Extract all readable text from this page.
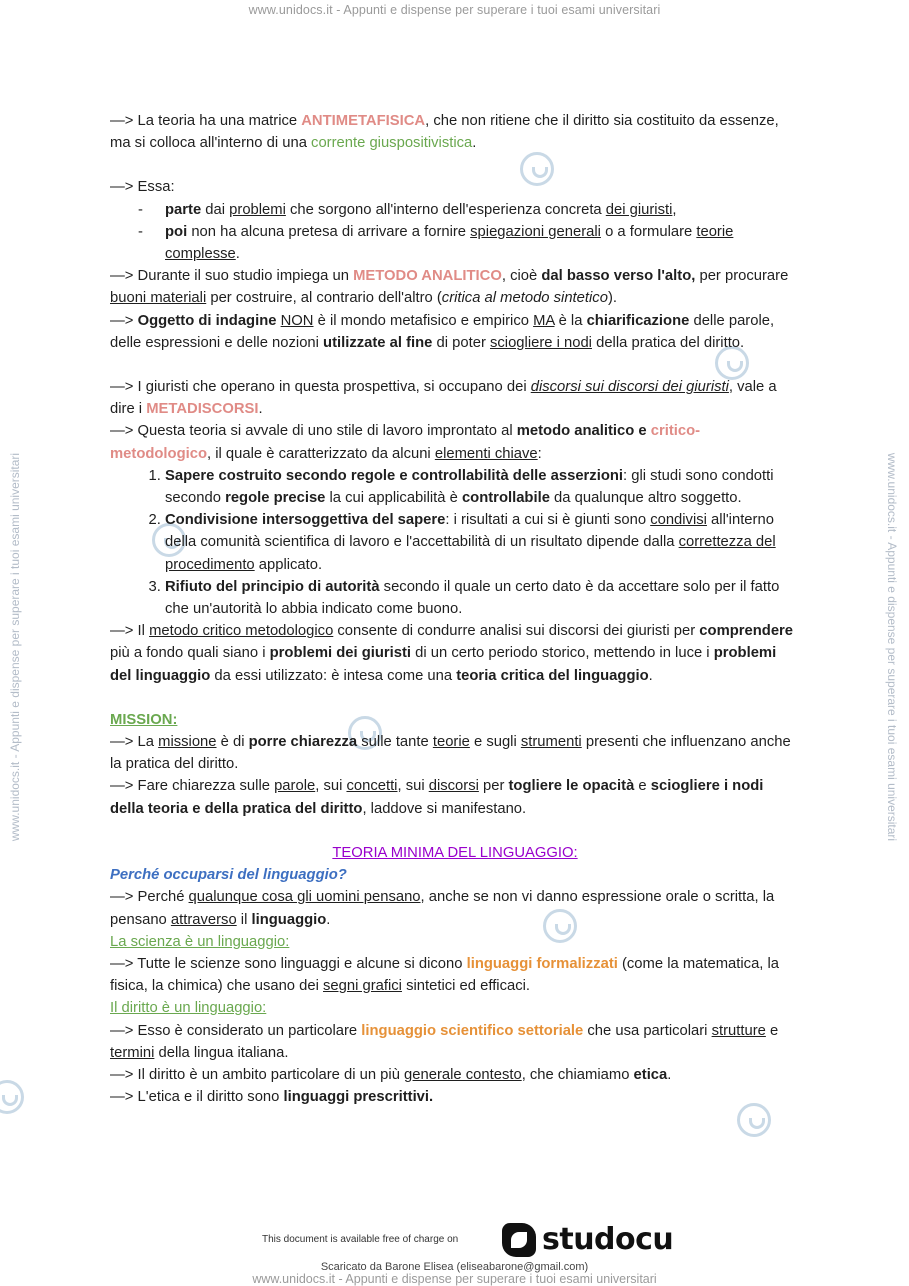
www.unidocs.it - Appunti e dispense per superare i tuoi esami universitari
www.unidocs.it - Appunti e dispense per superare i tuoi esami universitari	www.unidocs.it - Appunti e dispense per superare i tuoi esami universitari

—> La teoria ha una matrice ANTIMETAFISICA, che non ritiene che il diritto sia costituito da essenze, ma si colloca all'interno di una corrente giuspositivistica.

—> Essa:

- parte dai problemi che sorgono all'interno dell'esperienza concreta dei giuristi,
- poi non ha alcuna pretesa di arrivare a fornire spiegazioni generali o a formulare teorie complesse.

—> Durante il suo studio impiega un METODO ANALITICO, cioè dal basso verso l'alto, per procurare buoni materiali per costruire, al contrario dell'altro (critica al metodo sintetico).

—> Oggetto di indagine NON è il mondo metafisico e empirico MA è la chiarificazione delle parole, delle espressioni e delle nozioni utilizzate al fine di poter sciogliere i nodi della pratica del diritto.

—> I giuristi che operano in questa prospettiva, si occupano dei discorsi sui discorsi dei giuristi, vale a dire i METADISCORSI.

—> Questa teoria si avvale di uno stile di lavoro improntato al metodo analitico e critico-metodologico, il quale è caratterizzato da alcuni elementi chiave:

1. Sapere costruito secondo regole e controllabilità delle asserzioni: gli studi sono condotti secondo regole precise la cui applicabilità è controllabile da qualunque altro soggetto.
2. Condivisione intersoggettiva del sapere: i risultati a cui si è giunti sono condivisi all'interno della comunità scientifica di lavoro e l'accettabilità di un risultato dipende dalla correttezza del procedimento applicato.
3. Rifiuto del principio di autorità secondo il quale un certo dato è da accettare solo per il fatto che un'autorità lo abbia indicato come buono.

—> Il metodo critico metodologico consente di condurre analisi sui discorsi dei giuristi per comprendere più a fondo quali siano i problemi dei giuristi di un certo periodo storico, mettendo in luce i problemi del linguaggio da essi utilizzato: è intesa come una teoria critica del linguaggio.

MISSION:

—> La missione è di porre chiarezza sulle tante teorie e sugli strumenti presenti che influenzano anche la pratica del diritto.

—> Fare chiarezza sulle parole, sui concetti, sui discorsi per togliere le opacità e sciogliere i nodi della teoria e della pratica del diritto, laddove si manifestano.

TEORIA MINIMA DEL LINGUAGGIO:

Perché occuparsi del linguaggio?

—> Perché qualunque cosa gli uomini pensano, anche se non vi danno espressione orale o scritta, la pensano attraverso il linguaggio.

La scienza è un linguaggio:

—> Tutte le scienze sono linguaggi e alcune si dicono linguaggi formalizzati (come la matematica, la fisica, la chimica) che usano dei segni grafici sintetici ed efficaci.

Il diritto è un linguaggio:

—> Esso è considerato un particolare linguaggio scientifico settoriale che usa particolari strutture e termini della lingua italiana.

—> Il diritto è un ambito particolare di un più generale contesto, che chiamiamo etica.

—> L'etica e il diritto sono linguaggi prescrittivi.

This document is available free of charge on	studocu
Scaricato da Barone Elisea (eliseabarone@gmail.com)
www.unidocs.it - Appunti e dispense per superare i tuoi esami universitari
